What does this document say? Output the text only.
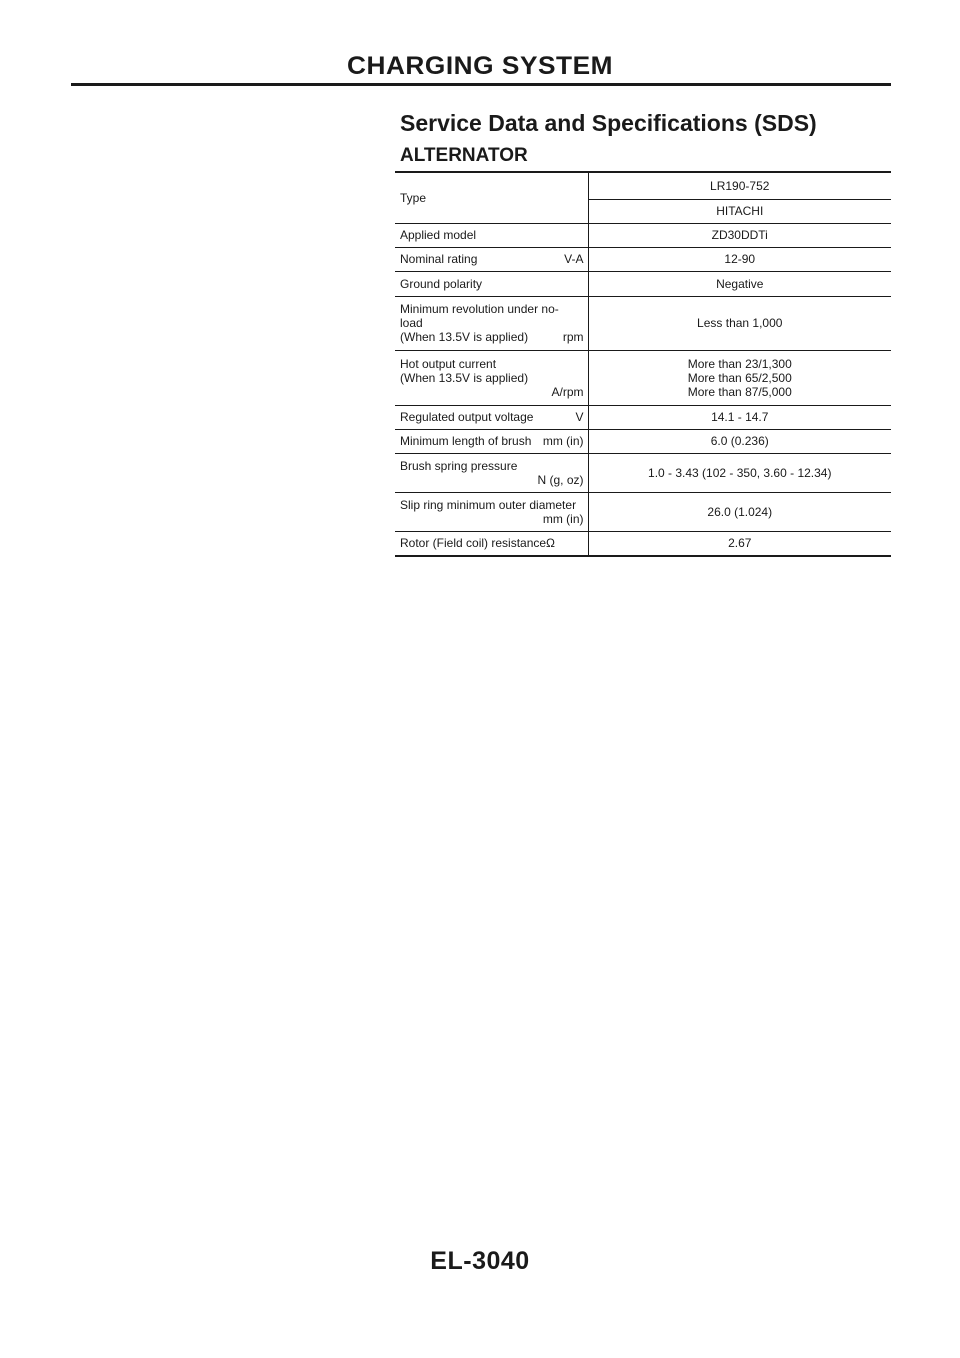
CHARGING SYSTEM
Service Data and Specifications (SDS)
ALTERNATOR
Type	LR190-752
	HITACHI
Applied model	ZD30DDTi

Nominal rating V-A	12-90
Ground polarity	Negative

Minimum revolution under no-
load
(When 13.5V is applied) rpm	Less than 1,000

Hot output current
(When 13.5V is applied)
A/rpm	More than 23/1,300
More than 65/2,500
More than 87/5,000

Regulated output voltage V	14.1 - 14.7

Minimum length of brush mm (in)	6.0 (0.236)

Brush spring pressure
N (g, oz)	1.0 - 3.43 (102 - 350, 3.60 - 12.34)

Slip ring minimum outer diameter
mm (in)	26.0 (1.024)

Rotor (Field coil) resistance Ω	2.67
EL-3040
